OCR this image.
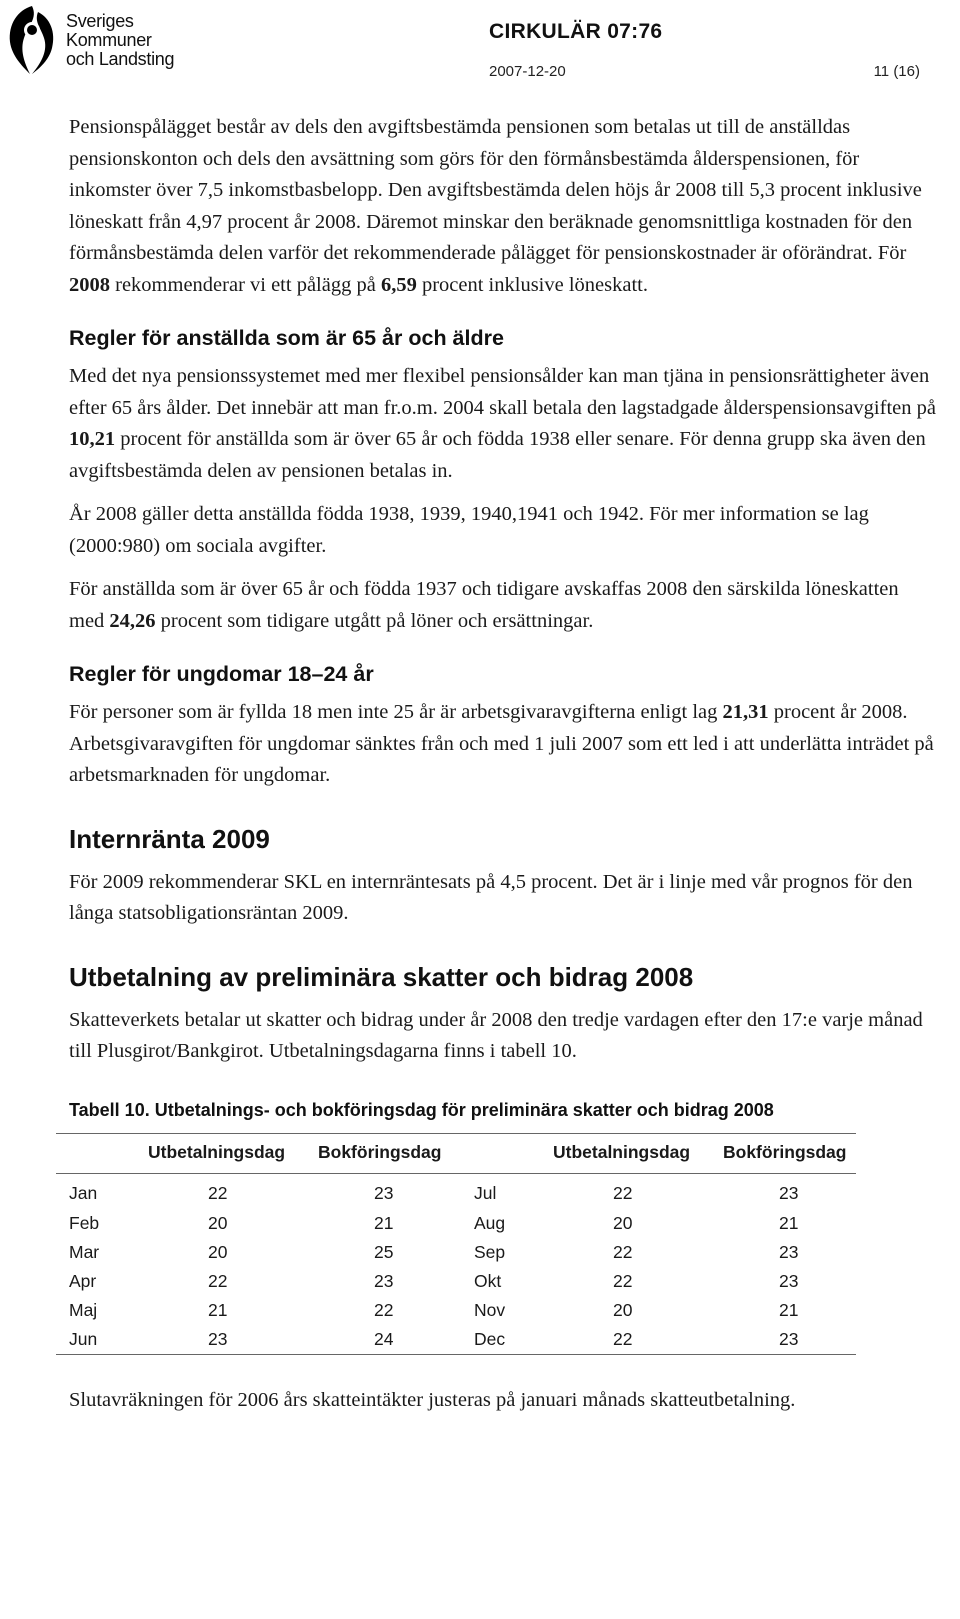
Sveriges
Kommuner
och Landsting
CIRKULÄR 07:76
2007-12-20	11 (16)

Pensionspålägget består av dels den avgiftsbestämda pensionen som betalas ut till de anställdas pensionskonton och dels den avsättning som görs för den förmånsbestämda ålderspensionen, för inkomster över 7,5 inkomstbasbelopp. Den avgiftsbestämda delen höjs år 2008 till 5,3 procent inklusive löneskatt från 4,97 procent år 2008. Däremot minskar den beräknade genomsnittliga kostnaden för den förmånsbestämda delen varför det rekommenderade pålägget för pensionskostnader är oförändrat. För 2008 rekommenderar vi ett pålägg på 6,59 procent inklusive löneskatt.

Regler för anställda som är 65 år och äldre

Med det nya pensionssystemet med mer flexibel pensionsålder kan man tjäna in pensionsrättigheter även efter 65 års ålder. Det innebär att man fr.o.m. 2004 skall betala den lagstadgade ålderspensionsavgiften på 10,21 procent för anställda som är över 65 år och födda 1938 eller senare. För denna grupp ska även den avgiftsbestämda delen av pensionen betalas in.

År 2008 gäller detta anställda födda 1938, 1939, 1940,1941 och 1942. För mer information se lag (2000:980) om sociala avgifter.

För anställda som är över 65 år och födda 1937 och tidigare avskaffas 2008 den särskilda löneskatten med 24,26 procent som tidigare utgått på löner och ersättningar.

Regler för ungdomar 18–24 år

För personer som är fyllda 18 men inte 25 år är arbetsgivaravgifterna enligt lag 21,31 procent år 2008. Arbetsgivaravgiften för ungdomar sänktes från och med 1 juli 2007 som ett led i att underlätta inträdet på arbetsmarknaden för ungdomar.

Internränta 2009

För 2009 rekommenderar SKL en internräntesats på 4,5 procent. Det är i linje med vår prognos för den långa statsobligationsräntan 2009.

Utbetalning av preliminära skatter och bidrag 2008

Skatteverkets betalar ut skatter och bidrag under år 2008 den tredje vardagen efter den 17:e varje månad till Plusgirot/Bankgirot. Utbetalningsdagarna finns i tabell 10.

Tabell 10. Utbetalnings- och bokföringsdag för preliminära skatter och bidrag 2008
	Utbetalningsdag	Bokföringsdag		Utbetalningsdag	Bokföringsdag
Jan	22	23	Jul	22	23
Feb	20	21	Aug	20	21
Mar	20	25	Sep	22	23
Apr	22	23	Okt	22	23
Maj	21	22	Nov	20	21
Jun	23	24	Dec	22	23

Slutavräkningen för 2006 års skatteintäkter justeras på januari månads skatteutbetalning.
